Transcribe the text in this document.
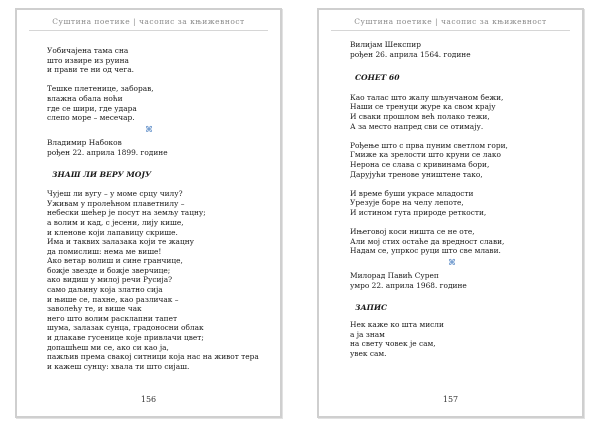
Суштина поетике | часопис за књижевност
Уобичајена тама сна
што извире из руина
и прави те ни од чега.
Тешке плетенице, заборав,
влажна обала ноћи
где се шири, где удара
слепо море – месечар.
⌘
Владимир Набоков
рођен 22. априла 1899. године
ЗНАШ ЛИ ВЕРУ МОЈУ
Чујеш ли вугу – у моме срцу чилу?
Уживам у пролећном плаветнилу –
небески шећер је посут на земљу тацну;
а волим и кад, с јесени, лију кише,
и кленове који лапавицу скрише.
Има и таквих залазака који те жацну
да помислиш: нема ме више!
Ако ветар волиш и сине гранчице,
божје звезде и божје зверчице;
ако видиш у милој речи Русија?
само даљину која златно сија
и њише се, пахне, као различак –
заволећу те, и више чак
него што волим расклапни тапет
шума, залазак сунца, градоносни облак
и длакаве гусенице које привлачи цвет;
допашћеш ми се, ако си као ја,
пажљив према свакој ситници која нас на живот тера
и кажеш сунцу: хвала ти што сијаш.
156
Суштина поетике | часопис за књижевност
Вилијам Шекспир
рођен 26. априла 1564. године
СОНЕТ 60
Као талас што жалу шљунчаном бежи,
Наши се тренуци журе ка свом крају
И сваки прошлом већ полако тежи,
А за место напред сви се отимају.
Рођење што с прва пуним светлом гори,
Гмиже ка зрелости што круни се лако
Нерона се слава с кривинама бори,
Дарујући тренове уништене тако,
И време буши украсе младости
Урезује боре на челу лепоте,
И истином гута природе реткости,
Ињеговој коси ништа се не оте,
Али мој стих остаће да вредност слави,
Надам се, упркос руци што све млави.
⌘
Милорад Павић Суреп
умро 22. априла 1968. године
ЗАПИС
Нек каже ко шта мисли
а ја знам
на свету човек је сам,
увек сам.
157
